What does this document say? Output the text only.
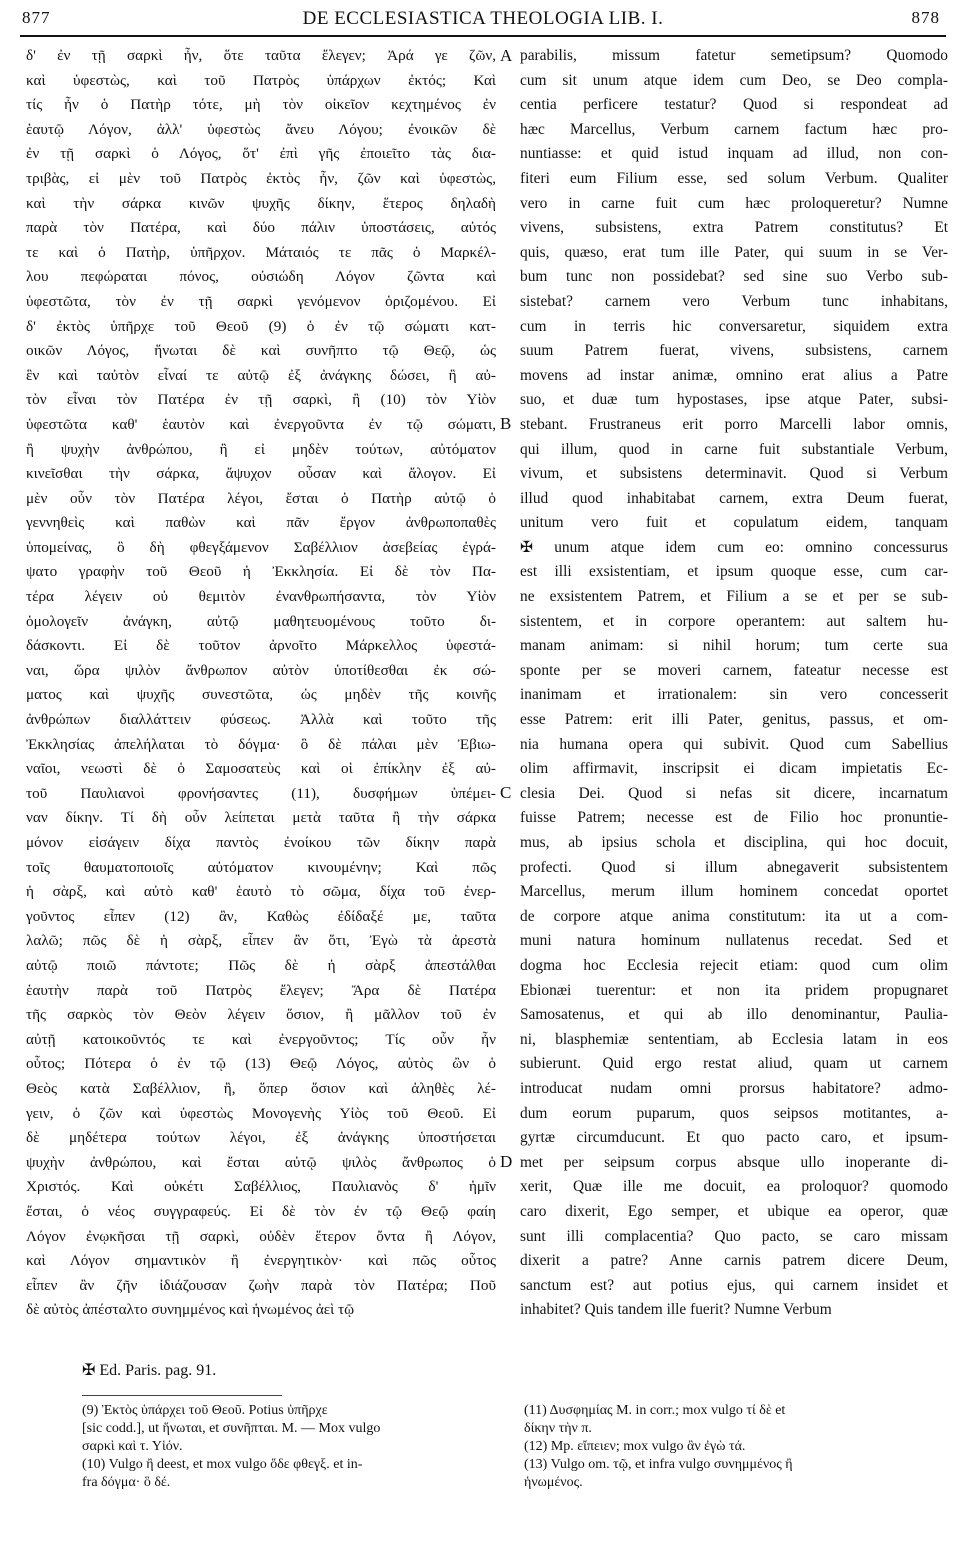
877	DE ECCLESIASTICA THEOLOGIA LIB. I.	878
δ' ἐν τῇ σαρκὶ ἦν, ὅτε ταῦτα ἔλεγεν; Ἀρά γε ζῶν,
καὶ ὑφεστὼς, καὶ τοῦ Πατρὸς ὑπάρχων ἐκτός; Καὶ
τίς ἦν ὁ Πατὴρ τότε, μὴ τὸν οἰκεῖον κεχτημένος ἐν
ἑαυτῷ Λόγον, ἀλλ' ὑφεστὼς ἄνευ Λόγου; ἐνοικῶν δὲ
ἐν τῇ σαρκὶ ὁ Λόγος, ὅτ' ἐπὶ γῆς ἐποιεῖτο τὰς δια-
τριβὰς, εἰ μὲν τοῦ Πατρὸς ἐκτὸς ἦν, ζῶν καὶ ὑφεστὼς,
καὶ τὴν σάρκα κινῶν ψυχῆς δίκην, ἕτερος δηλαδὴ
παρὰ τὸν Πατέρα, καὶ δύο πάλιν ὑποστάσεις, αὐτός
τε καὶ ὁ Πατὴρ, ὑπῆρχον. Μάταιός τε πᾶς ὁ Μαρκέλ-
λου πεφώραται πόνος, οὐσιώδη Λόγον ζῶντα καὶ
ὑφεστῶτα, τὸν ἐν τῇ σαρκὶ γενόμενον ὁριζομένου. Εἰ
δ' ἐκτὸς ὑπῆρχε τοῦ Θεοῦ (9) ὁ ἐν τῷ σώματι κατ-
οικῶν Λόγος, ἥνωται δὲ καὶ συνῆπτο τῷ Θεῷ, ὡς
ἓν καὶ ταὐτὸν εἶναί τε αὐτῷ ἐξ ἀνάγκης δώσει, ἢ αὐ-
τὸν εἶναι τὸν Πατέρα ἐν τῇ σαρκὶ, ἢ (10) τὸν Υἱὸν
ὑφεστῶτα καθ' ἑαυτὸν καὶ ἐνεργοῦντα ἐν τῷ σώματι,
ἢ ψυχὴν ἀνθρώπου, ἢ εἰ μηδὲν τούτων, αὐτόματον
κινεῖσθαι τὴν σάρκα, ἄψυχον οὖσαν καὶ ἄλογον. Εἰ
μὲν οὖν τὸν Πατέρα λέγοι, ἔσται ὁ Πατὴρ αὐτῷ ὁ
γεννηθεὶς καὶ παθὼν καὶ πᾶν ἔργον ἀνθρωποπαθὲς
ὑπομείνας, ὃ δὴ φθεγξάμενον Σαβέλλιον ἀσεβείας ἐγρά-
ψατο γραφὴν τοῦ Θεοῦ ἡ Ἐκκλησία. Εἰ δὲ τὸν Πα-
τέρα λέγειν οὐ θεμιτὸν ἐνανθρωπήσαντα, τὸν Υἱὸν
ὁμολογεῖν ἀνάγκη, αὐτῷ μαθητευομένους τοῦτο δι-
δάσκοντι. Εἰ δὲ τοῦτον ἀρνοῖτο Μάρκελλος ὑφεστά-
ναι, ὥρα ψιλὸν ἄνθρωπον αὐτὸν ὑποτίθεσθαι ἐκ σώ-
ματος καὶ ψυχῆς συνεστῶτα, ὡς μηδὲν τῆς κοινῆς
ἀνθρώπων διαλλάττειν φύσεως. Ἀλλὰ καὶ τοῦτο τῆς
Ἐκκλησίας ἀπελήλαται τὸ δόγμα· ὃ δὲ πάλαι μὲν Ἐβιω-
ναῖοι, νεωστὶ δὲ ὁ Σαμοσατεὺς καὶ οἱ ἐπίκλην ἐξ αὐ-
τοῦ Παυλιανοὶ φρονήσαντες (11), δυσφήμων ὑπέμει-
ναν δίκην. Τί δὴ οὖν λείπεται μετὰ ταῦτα ἢ τὴν σάρκα
μόνον εἰσάγειν δίχα παντὸς ἐνοίκου τῶν δίκην παρὰ
τοῖς θαυματοποιοῖς αὐτόματον κινουμένην; Καὶ πῶς
ἡ σὰρξ, καὶ αὐτὸ καθ' ἑαυτὸ τὸ σῶμα, δίχα τοῦ ἐνερ-
γοῦντος εἶπεν (12) ἂν, Καθὼς ἐδίδαξέ με, ταῦτα
λαλῶ; πῶς δὲ ἡ σὰρξ, εἶπεν ἂν ὅτι, Ἐγὼ τὰ ἀρεστὰ
αὐτῷ ποιῶ πάντοτε; Πῶς δὲ ἡ σὰρξ ἀπεστάλθαι
ἑαυτὴν παρὰ τοῦ Πατρὸς ἔλεγεν; Ἄρα δὲ Πατέρα
τῆς σαρκὸς τὸν Θεὸν λέγειν ὅσιον, ἢ μᾶλλον τοῦ ἐν
αὐτῇ κατοικοῦντός τε καὶ ἐνεργοῦντος; Τίς οὖν ἦν
οὗτος; Πότερα ὁ ἐν τῷ (13) Θεῷ Λόγος, αὐτὸς ὢν ὁ
Θεὸς κατὰ Σαβέλλιον, ἢ, ὅπερ ὅσιον καὶ ἀληθὲς λέ-
γειν, ὁ ζῶν καὶ ὑφεστὼς Μονογενὴς Υἱὸς τοῦ Θεοῦ. Εἰ
δὲ μηδέτερα τούτων λέγοι, ἐξ ἀνάγκης ὑποστήσεται
ψυχὴν ἀνθρώπου, καὶ ἔσται αὐτῷ ψιλὸς ἄνθρωπος ὁ
Χριστός. Καὶ οὐκέτι Σαβέλλιος, Παυλιανὸς δ' ἡμῖν
ἔσται, ὁ νέος συγγραφεύς. Εἰ δὲ τὸν ἐν τῷ Θεῷ φαίη
Λόγον ἐνῳκῆσαι τῇ σαρκὶ, οὐδὲν ἕτερον ὄντα ἢ Λόγον,
καὶ Λόγον σημαντικὸν ἢ ἐνεργητικὸν· καὶ πῶς οὗτος
εἶπεν ἂν ζῆν ἰδιάζουσαν ζωὴν παρὰ τὸν Πατέρα; Ποῦ
δὲ αὐτὸς ἀπέσταλτο συνημμένος καὶ ἡνωμένος ἀεὶ τῷ
parabilis, missum fatetur semetipsum? Quomodo
cum sit unum atque idem cum Deo, se Deo compla-
centia perficere testatur? Quod si respondeat ad
hæc Marcellus, Verbum carnem factum hæc pro-
nuntiasse: et quid istud inquam ad illud, non con-
fiteri eum Filium esse, sed solum Verbum. Qualiter
vero in carne fuit cum hæc proloqueretur? Numne
vivens, subsistens, extra Patrem constitutus? Et
quis, quæso, erat tum ille Pater, qui suum in se Ver-
bum tunc non possidebat? sed sine suo Verbo sub-
sistebat? carnem vero Verbum tunc inhabitans,
cum in terris hic conversaretur, siquidem extra
suum Patrem fuerat, vivens, subsistens, carnem
movens ad instar animæ, omnino erat alius a Patre
suo, et duæ tum hypostases, ipse atque Pater, subsi-
stebant. Frustraneus erit porro Marcelli labor omnis,
qui illum, quod in carne fuit substantiale Verbum,
vivum, et subsistens determinavit. Quod si Verbum
illud quod inhabitabat carnem, extra Deum fuerat,
unitum vero fuit et copulatum eidem, tanquam
✠ unum atque idem cum eo: omnino concessurus
est illi exsistentiam, et ipsum quoque esse, cum car-
ne exsistentem Patrem, et Filium a se et per se sub-
sistentem, et in corpore operantem: aut saltem hu-
manam animam: si nihil horum; tum certe sua
sponte per se moveri carnem, fateatur necesse est
inanimam et irrationalem: sin vero concesserit
esse Patrem: erit illi Pater, genitus, passus, et om-
nia humana opera qui subivit. Quod cum Sabellius
olim affirmavit, inscripsit ei dicam impietatis Ec-
clesia Dei. Quod si nefas sit dicere, incarnatum
fuisse Patrem; necesse est de Filio hoc pronuntie-
mus, ab ipsius schola et disciplina, qui hoc docuit,
profecti. Quod si illum abnegaverit subsistentem
Marcellus, merum illum hominem concedat oportet
de corpore atque anima constitutum: ita ut a com-
muni natura hominum nullatenus recedat. Sed et
dogma hoc Ecclesia rejecit etiam: quod cum olim
Ebionæi tuerentur: et non ita pridem propugnaret
Samosatenus, et qui ab illo denominantur, Paulia-
ni, blasphemiæ sententiam, ab Ecclesia latam in eos
subierunt. Quid ergo restat aliud, quam ut carnem
introducat nudam omni prorsus habitatore? admo-
dum eorum puparum, quos seipsos motitantes, a-
gyrtæ circumducunt. Et quo pacto caro, et ipsum-
met per seipsum corpus absque ullo inoperante di-
xerit, Quæ ille me docuit, ea proloquor? quomodo
caro dixerit, Ego semper, et ubique ea operor, quæ
sunt illi complacentia? Quo pacto, se caro missam
dixerit a patre? Anne carnis patrem dicere Deum,
sanctum est? aut potius ejus, qui carnem insidet et
inhabitet? Quis tandem ille fuerit? Numne Verbum
A
B
C
D
✠ Ed. Paris. pag. 91.
(9) Ἐκτὸς ὑπάρχει τοῦ Θεοῦ. Potius ὑπῆρχε
[sic codd.], ut ἥνωται, et συνῆπται. M. — Mox vulgo
σαρκὶ καὶ τ. Υἱόν.
(10) Vulgo ἢ deest, et mox vulgo ὅδε φθεγξ. et in-
fra δόγμα· ὃ δέ.
(11) Δυσφημίας M. in corr.; mox vulgo τί δὲ et
δίκην τὴν π.
(12) Mp. εἴπειεν; mox vulgo ἂν ἐγὼ τά.
(13) Vulgo om. τῷ, et infra vulgo συνημμένος ἢ
ἡνωμένος.
